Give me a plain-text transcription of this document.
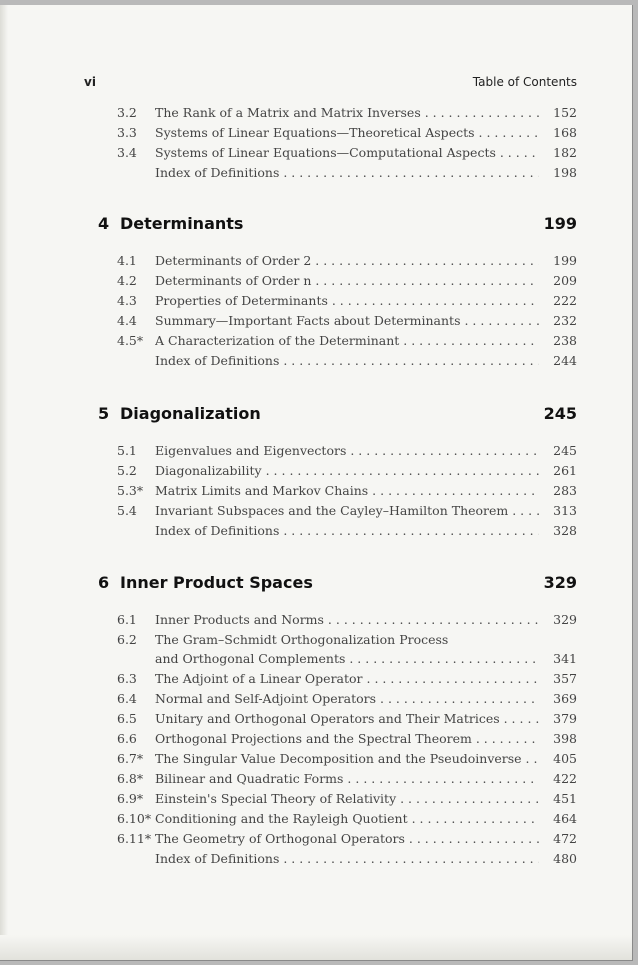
vi	Table of Contents
3.2	The Rank of a Matrix and Matrix Inverses . . .	152
3.3	Systems of Linear Equations—Theoretical Aspects . . .	168
3.4	Systems of Linear Equations—Computational Aspects . . .	182
Index of Definitions . . .	198
4 Determinants	199
4.1	Determinants of Order 2 . . .	199
4.2	Determinants of Order n . . .	209
4.3	Properties of Determinants . . .	222
4.4	Summary—Important Facts about Determinants . . .	232
4.5* A Characterization of the Determinant . . .	238
Index of Definitions . . .	244
5 Diagonalization	245
5.1	Eigenvalues and Eigenvectors . . .	245
5.2	Diagonalizability . . .	261
5.3* Matrix Limits and Markov Chains . . .	283
5.4	Invariant Subspaces and the Cayley–Hamilton Theorem . . .	313
Index of Definitions . . .	328
6 Inner Product Spaces	329
6.1	Inner Products and Norms . . .	329
6.2	The Gram–Schmidt Orthogonalization Process
and Orthogonal Complements . . .	341
6.3	The Adjoint of a Linear Operator . . .	357
6.4	Normal and Self-Adjoint Operators . . .	369
6.5	Unitary and Orthogonal Operators and Their Matrices . . .	379
6.6	Orthogonal Projections and the Spectral Theorem . . .	398
6.7* The Singular Value Decomposition and the Pseudoinverse . . .	405
6.8* Bilinear and Quadratic Forms . . .	422
6.9* Einstein's Special Theory of Relativity . . .	451
6.10* Conditioning and the Rayleigh Quotient . . .	464
6.11* The Geometry of Orthogonal Operators . . .	472
Index of Definitions . . .	480
